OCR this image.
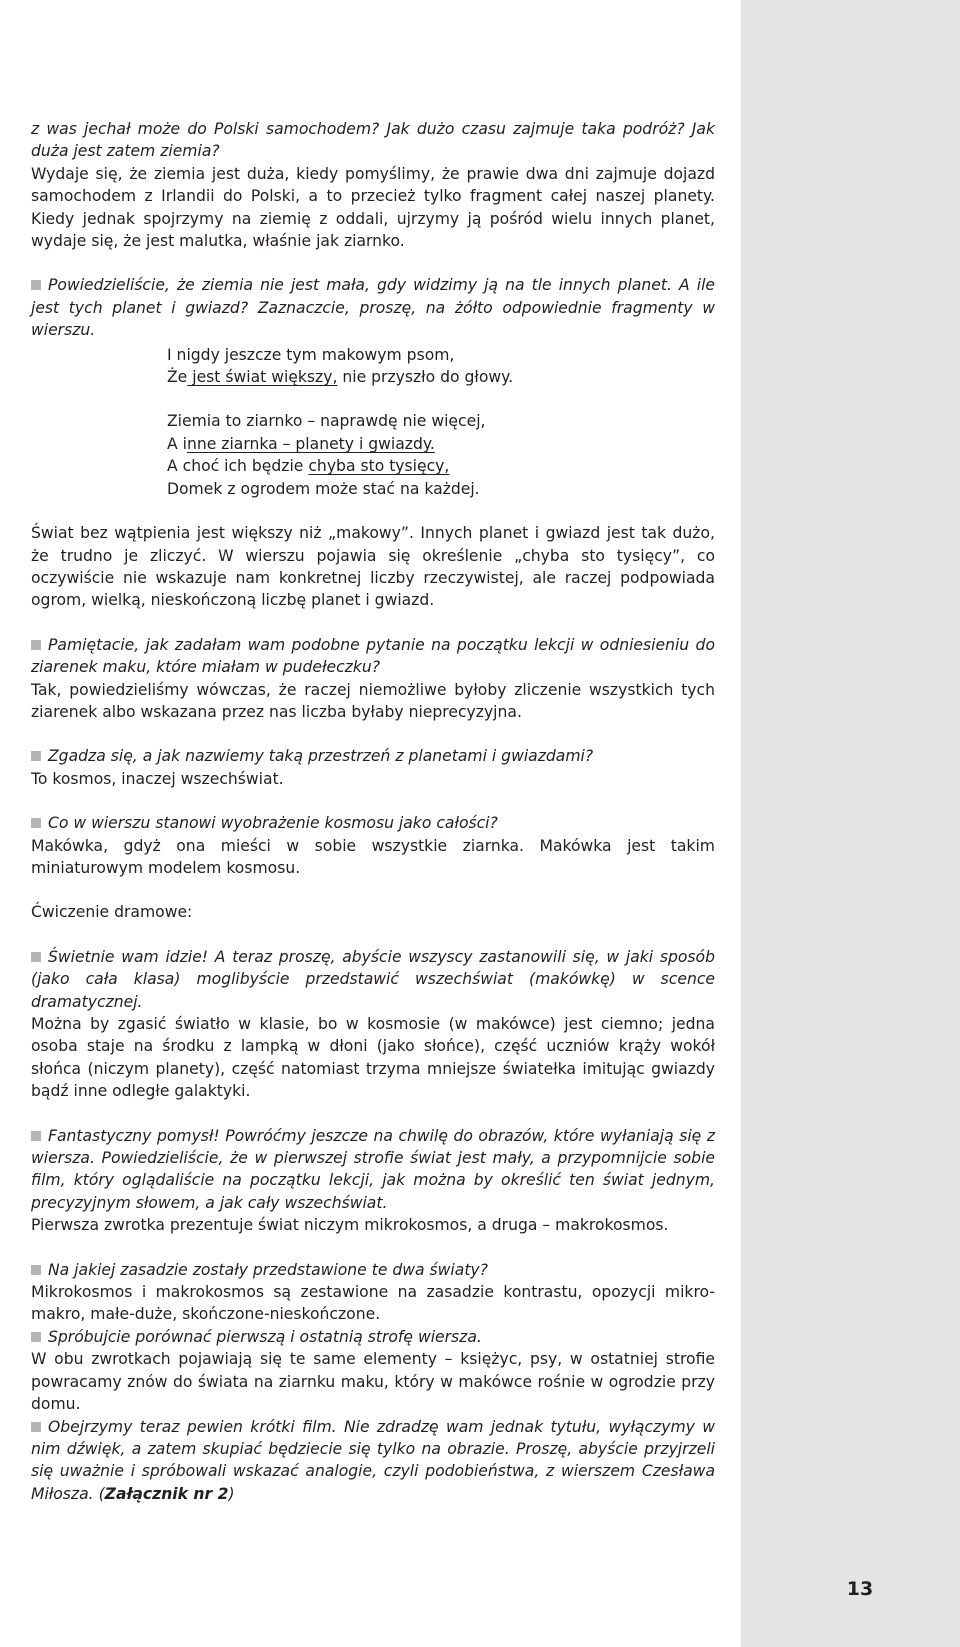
13

z was jechał może do Polski samochodem? Jak dużo czasu zajmuje taka podróż? Jak duża jest zatem ziemia?

Wydaje się, że ziemia jest duża, kiedy pomyślimy, że prawie dwa dni zajmuje dojazd samochodem z Irlandii do Polski, a to przecież tylko fragment całej naszej planety. Kiedy jednak spojrzymy na ziemię z oddali, ujrzymy ją pośród wielu innych planet, wydaje się, że jest malutka, właśnie jak ziarnko.

Powiedzieliście, że ziemia nie jest mała, gdy widzimy ją na tle innych planet. A ile jest tych planet i gwiazd? Zaznaczcie, proszę, na żółto odpowiednie fragmenty w wierszu.

I nigdy jeszcze tym makowym psom,
Że jest świat większy, nie przyszło do głowy.
Ziemia to ziarnko – naprawdę nie więcej,
A inne ziarnka – planety i gwiazdy.
A choć ich będzie chyba sto tysięcy,
Domek z ogrodem może stać na każdej.

Świat bez wątpienia jest większy niż „makowy”. Innych planet i gwiazd jest tak dużo, że trudno je zliczyć. W wierszu pojawia się określenie „chyba sto tysięcy”, co oczywiście nie wskazuje nam konkretnej liczby rzeczywistej, ale raczej podpowiada ogrom, wielką, nieskończoną liczbę planet i gwiazd.

Pamiętacie, jak zadałam wam podobne pytanie na początku lekcji w odniesieniu do ziarenek maku, które miałam w pudełeczku?

Tak, powiedzieliśmy wówczas, że raczej niemożliwe byłoby zliczenie wszystkich tych ziarenek albo wskazana przez nas liczba byłaby nieprecyzyjna.

Zgadza się, a jak nazwiemy taką przestrzeń z planetami i gwiazdami?

To kosmos, inaczej wszechświat.

Co w wierszu stanowi wyobrażenie kosmosu jako całości?

Makówka, gdyż ona mieści w sobie wszystkie ziarnka. Makówka jest takim miniaturowym modelem kosmosu.

Ćwiczenie dramowe:

Świetnie wam idzie! A teraz proszę, abyście wszyscy zastanowili się, w jaki sposób (jako cała klasa) moglibyście przedstawić wszechświat (makówkę) w scence dramatycznej.

Można by zgasić światło w klasie, bo w kosmosie (w makówce) jest ciemno; jedna osoba staje na środku z lampką w dłoni (jako słońce), część uczniów krąży wokół słońca (niczym planety), część natomiast trzyma mniejsze światełka imitując gwiazdy bądź inne odległe galaktyki.

Fantastyczny pomysł! Powróćmy jeszcze na chwilę do obrazów, które wyłaniają się z wiersza. Powiedzieliście, że w pierwszej strofie świat jest mały, a przypomnijcie sobie film, który oglądaliście na początku lekcji, jak można by określić ten świat jednym, precyzyjnym słowem, a jak cały wszechświat.

Pierwsza zwrotka prezentuje świat niczym mikrokosmos, a druga – makrokosmos.

Na jakiej zasadzie zostały przedstawione te dwa światy?

Mikrokosmos i makrokosmos są zestawione na zasadzie kontrastu, opozycji mikro-makro, małe-duże, skończone-nieskończone.

Spróbujcie porównać pierwszą i ostatnią strofę wiersza.

W obu zwrotkach pojawiają się te same elementy – księżyc, psy, w ostatniej strofie powracamy znów do świata na ziarnku maku, który w makówce rośnie w ogrodzie przy domu.

Obejrzymy teraz pewien krótki film. Nie zdradzę wam jednak tytułu, wyłączymy w nim dźwięk, a zatem skupiać będziecie się tylko na obrazie. Proszę, abyście przyjrzeli się uważnie i spróbowali wskazać analogie, czyli podobieństwa, z wierszem Czesława Miłosza. (Załącznik nr 2)
